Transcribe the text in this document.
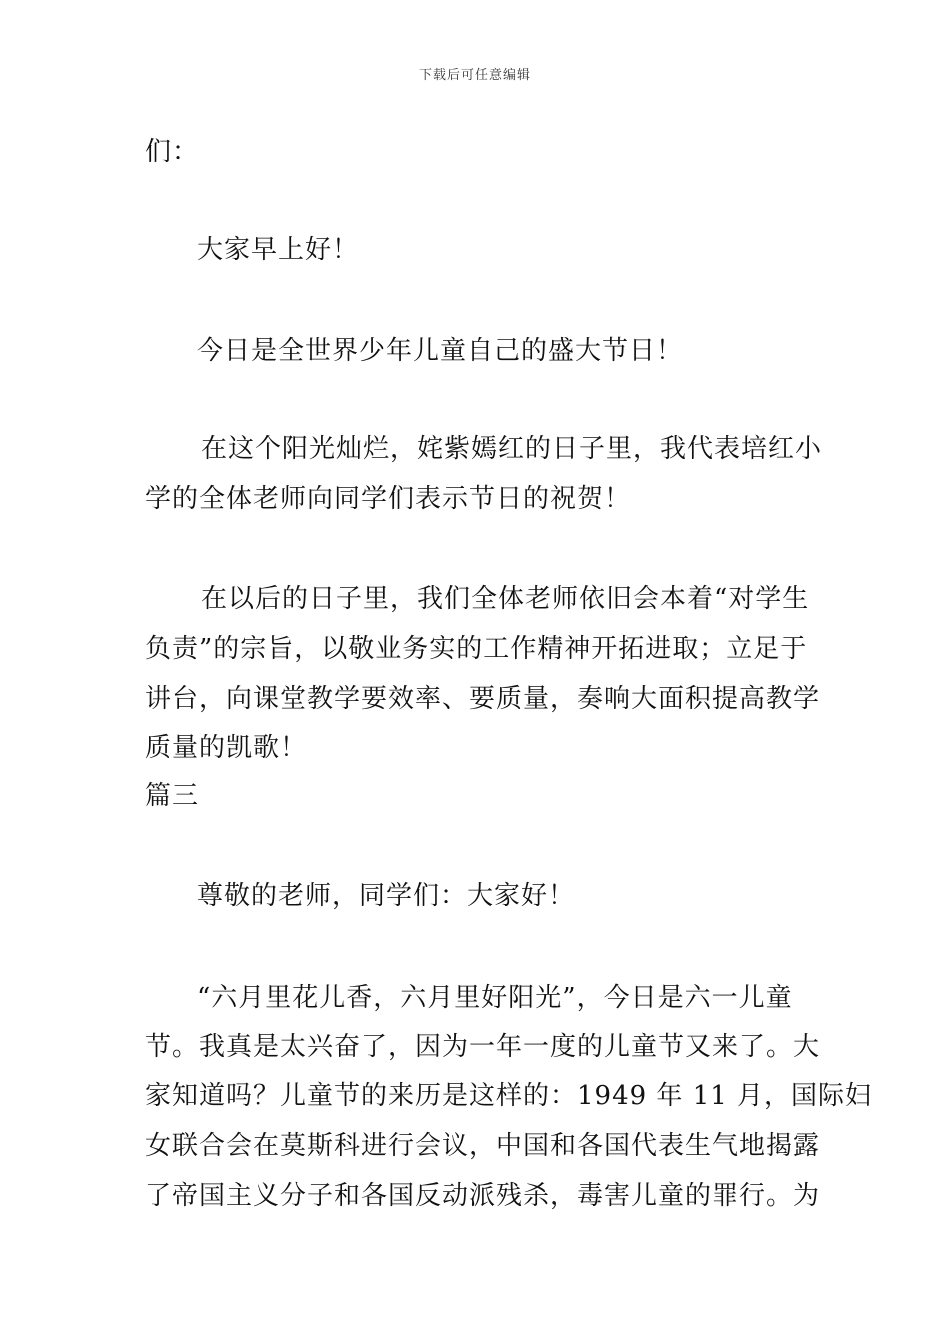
下载后可任意编辑
们：
大家早上好！
今日是全世界少年儿童自己的盛大节日！
在这个阳光灿烂，姹紫嫣红的日子里，我代表培红小
学的全体老师向同学们表示节日的祝贺！
在以后的日子里，我们全体老师依旧会本着“对学生
负责”的宗旨，以敬业务实的工作精神开拓进取；立足于
讲台，向课堂教学要效率、要质量，奏响大面积提高教学
质量的凯歌！
篇三
尊敬的老师，同学们：大家好！
“六月里花儿香，六月里好阳光”，今日是六一儿童
节。我真是太兴奋了，因为一年一度的儿童节又来了。大
家知道吗？儿童节的来历是这样的：1949 年 11 月，国际妇
女联合会在莫斯科进行会议，中国和各国代表生气地揭露
了帝国主义分子和各国反动派残杀，毒害儿童的罪行。为
